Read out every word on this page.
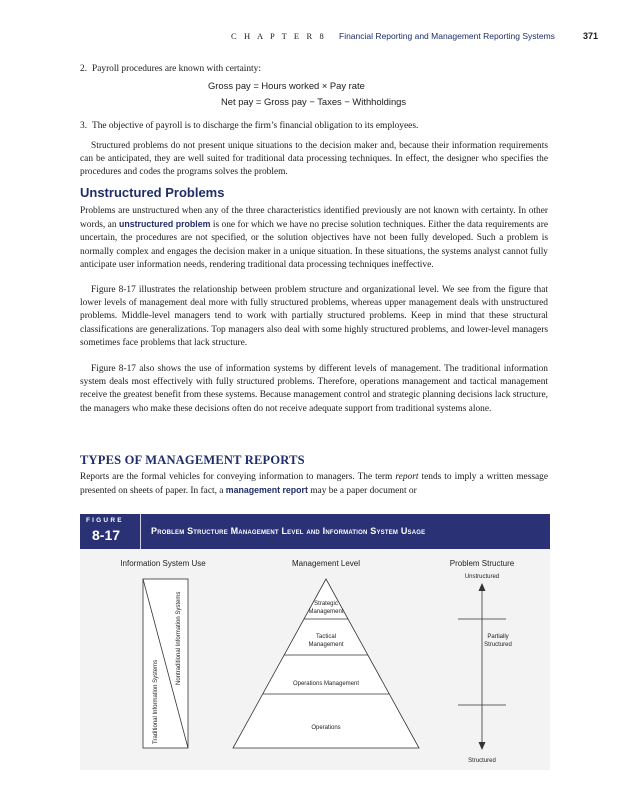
C H A P T E R 8 Financial Reporting and Management Reporting Systems	371

2. Payroll procedures are known with certainty:

Gross pay = Hours worked × Pay rate
Net pay = Gross pay − Taxes − Withholdings

3. The objective of payroll is to discharge the firm’s financial obligation to its employees.

Structured problems do not present unique situations to the decision maker and, because their information requirements can be anticipated, they are well suited for traditional data processing techniques. In effect, the designer who specifies the procedures and codes the programs solves the problem.

Unstructured Problems

Problems are unstructured when any of the three characteristics identified previously are not known with certainty. In other words, an unstructured problem is one for which we have no precise solution techniques. Either the data requirements are uncertain, the procedures are not specified, or the solution objectives have not been fully developed. Such a problem is normally complex and engages the decision maker in a unique situation. In these situations, the systems analyst cannot fully anticipate user information needs, rendering traditional data processing techniques ineffective.

Figure 8-17 illustrates the relationship between problem structure and organizational level. We see from the figure that lower levels of management deal more with fully structured problems, whereas upper management deals with unstructured problems. Middle-level managers tend to work with partially structured problems. Keep in mind that these structural classifications are generalizations. Top managers also deal with some highly structured problems, and lower-level managers sometimes face problems that lack structure.

Figure 8-17 also shows the use of information systems by different levels of management. The traditional information system deals most effectively with fully structured problems. Therefore, operations management and tactical management receive the greatest benefit from these systems. Because management control and strategic planning decisions lack structure, the managers who make these decisions often do not receive adequate support from traditional systems alone.

TYPES OF MANAGEMENT REPORTS

Reports are the formal vehicles for conveying information to managers. The term report tends to imply a written message presented on sheets of paper. In fact, a management report may be a paper document or

FIGURE
8-17	Problem Structure Management Level and Information System Usage
Information System Use	Management Level	Problem Structure
Traditional Information Systems
Nontraditional Information Systems	Strategic
Management
Tactical
Management
Operations Management
Operations
Unstructured
Partially
Structured
Structured
